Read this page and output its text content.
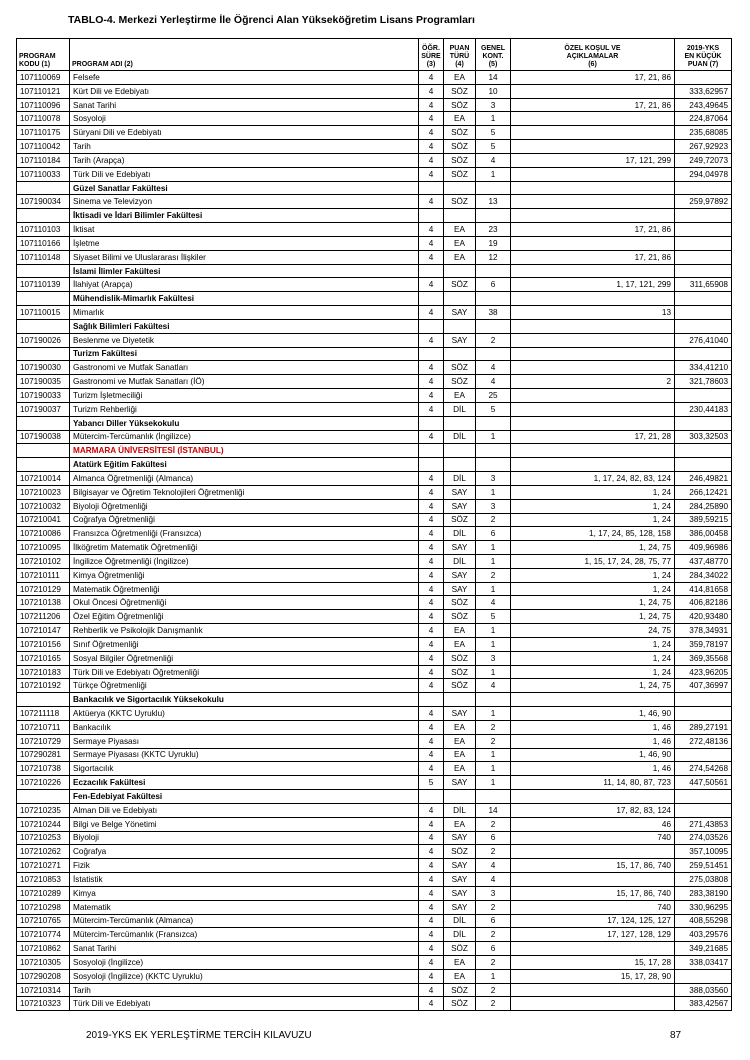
TABLO-4. Merkezi Yerleştirme İle Öğrenci Alan Yükseköğretim Lisans Programları
PROGRAM
KODU (1)	PROGRAM ADI (2)	ÖĞR.
SÜRE
(3)	PUAN
TÜRÜ
(4)	GENEL
KONT.
(5)	ÖZEL KOŞUL VE
AÇIKLAMALAR
(6)	2019-YKS
EN KÜÇÜK
PUAN (7)
107110069	Felsefe	4	EA	14	17, 21, 86	
107110121	Kürt Dili ve Edebiyatı	4	SÖZ	10		333,62957
107110096	Sanat Tarihi	4	SÖZ	3	17, 21, 86	243,49645
107110078	Sosyoloji	4	EA	1		224,87064
107110175	Süryani Dili ve Edebiyatı	4	SÖZ	5		235,68085
107110042	Tarih	4	SÖZ	5		267,92923
107110184	Tarih (Arapça)	4	SÖZ	4	17, 121, 299	249,72073
107110033	Türk Dili ve Edebiyatı	4	SÖZ	1		294,04978
	Güzel Sanatlar Fakültesi					
107190034	Sinema ve Televizyon	4	SÖZ	13		259,97892
	İktisadi ve İdari Bilimler Fakültesi					
107110103	İktisat	4	EA	23	17, 21, 86	
107110166	İşletme	4	EA	19		
107110148	Siyaset Bilimi ve Uluslararası İlişkiler	4	EA	12	17, 21, 86	
	İslami İlimler Fakültesi					
107110139	İlahiyat (Arapça)	4	SÖZ	6	1, 17, 121, 299	311,65908
	Mühendislik-Mimarlık Fakültesi					
107110015	Mimarlık	4	SAY	38	13	
	Sağlık Bilimleri Fakültesi					
107190026	Beslenme ve Diyetetik	4	SAY	2		276,41040
	Turizm Fakültesi					
107190030	Gastronomi ve Mutfak Sanatları	4	SÖZ	4		334,41210
107190035	Gastronomi ve Mutfak Sanatları (İÖ)	4	SÖZ	4	2	321,78603
107190033	Turizm İşletmeciliği	4	EA	25		
107190037	Turizm Rehberliği	4	DİL	5		230,44183
	Yabancı Diller Yüksekokulu					
107190038	Mütercim-Tercümanlık (İngilizce)	4	DİL	1	17, 21, 28	303,32503
	MARMARA ÜNİVERSİTESİ (İSTANBUL)					
	Atatürk Eğitim Fakültesi					
107210014	Almanca Öğretmenliği (Almanca)	4	DİL	3	1, 17, 24, 82, 83, 124	246,49821
107210023	Bilgisayar ve Öğretim Teknolojileri Öğretmenliği	4	SAY	1	1, 24	266,12421
107210032	Biyoloji Öğretmenliği	4	SAY	3	1, 24	284,25890
107210041	Coğrafya Öğretmenliği	4	SÖZ	2	1, 24	389,59215
107210086	Fransızca Öğretmenliği (Fransızca)	4	DİL	6	1, 17, 24, 85, 128, 158	386,00458
107210095	İlköğretim Matematik Öğretmenliği	4	SAY	1	1, 24, 75	409,96986
107210102	İngilizce Öğretmenliği (İngilizce)	4	DİL	1	1, 15, 17, 24, 28, 75, 77	437,48770
107210111	Kimya Öğretmenliği	4	SAY	2	1, 24	284,34022
107210129	Matematik Öğretmenliği	4	SAY	1	1, 24	414,81658
107210138	Okul Öncesi Öğretmenliği	4	SÖZ	4	1, 24, 75	406,82186
107211206	Özel Eğitim Öğretmenliği	4	SÖZ	5	1, 24, 75	420,93480
107210147	Rehberlik ve Psikolojik Danışmanlık	4	EA	1	24, 75	378,34931
107210156	Sınıf Öğretmenliği	4	EA	1	1, 24	359,78197
107210165	Sosyal Bilgiler Öğretmenliği	4	SÖZ	3	1, 24	369,35568
107210183	Türk Dili ve Edebiyatı Öğretmenliği	4	SÖZ	1	1, 24	423,96205
107210192	Türkçe Öğretmenliği	4	SÖZ	4	1, 24, 75	407,36997
	Bankacılık ve Sigortacılık Yüksekokulu					
107211118	Aktüerya (KKTC Uyruklu)	4	SAY	1	1, 46, 90	
107210711	Bankacılık	4	EA	2	1, 46	289,27191
107210729	Sermaye Piyasası	4	EA	2	1, 46	272,48136
107290281	Sermaye Piyasası (KKTC Uyruklu)	4	EA	1	1, 46, 90	
107210738	Sigortacılık	4	EA	1	1, 46	274,54268
107210226	Eczacılık Fakültesi	5	SAY	1	11, 14, 80, 87, 723	447,50561
	Fen-Edebiyat Fakültesi					
107210235	Alman Dili ve Edebiyatı	4	DİL	14	17, 82, 83, 124	
107210244	Bilgi ve Belge Yönetimi	4	EA	2	46	271,43853
107210253	Biyoloji	4	SAY	6	740	274,03526
107210262	Coğrafya	4	SÖZ	2		357,10095
107210271	Fizik	4	SAY	4	15, 17, 86, 740	259,51451
107210853	İstatistik	4	SAY	4		275,03808
107210289	Kimya	4	SAY	3	15, 17, 86, 740	283,38190
107210298	Matematik	4	SAY	2	740	330,96295
107210765	Mütercim-Tercümanlık (Almanca)	4	DİL	6	17, 124, 125, 127	408,55298
107210774	Mütercim-Tercümanlık (Fransızca)	4	DİL	2	17, 127, 128, 129	403,29576
107210862	Sanat Tarihi	4	SÖZ	6		349,21685
107210305	Sosyoloji (İngilizce)	4	EA	2	15, 17, 28	338,03417
107290208	Sosyoloji (İngilizce) (KKTC Uyruklu)	4	EA	1	15, 17, 28, 90	
107210314	Tarih	4	SÖZ	2		388,03560
107210323	Türk Dili ve Edebiyatı	4	SÖZ	2		383,42567
2019-YKS EK YERLEŞTİRME TERCİH KILAVUZU	87
